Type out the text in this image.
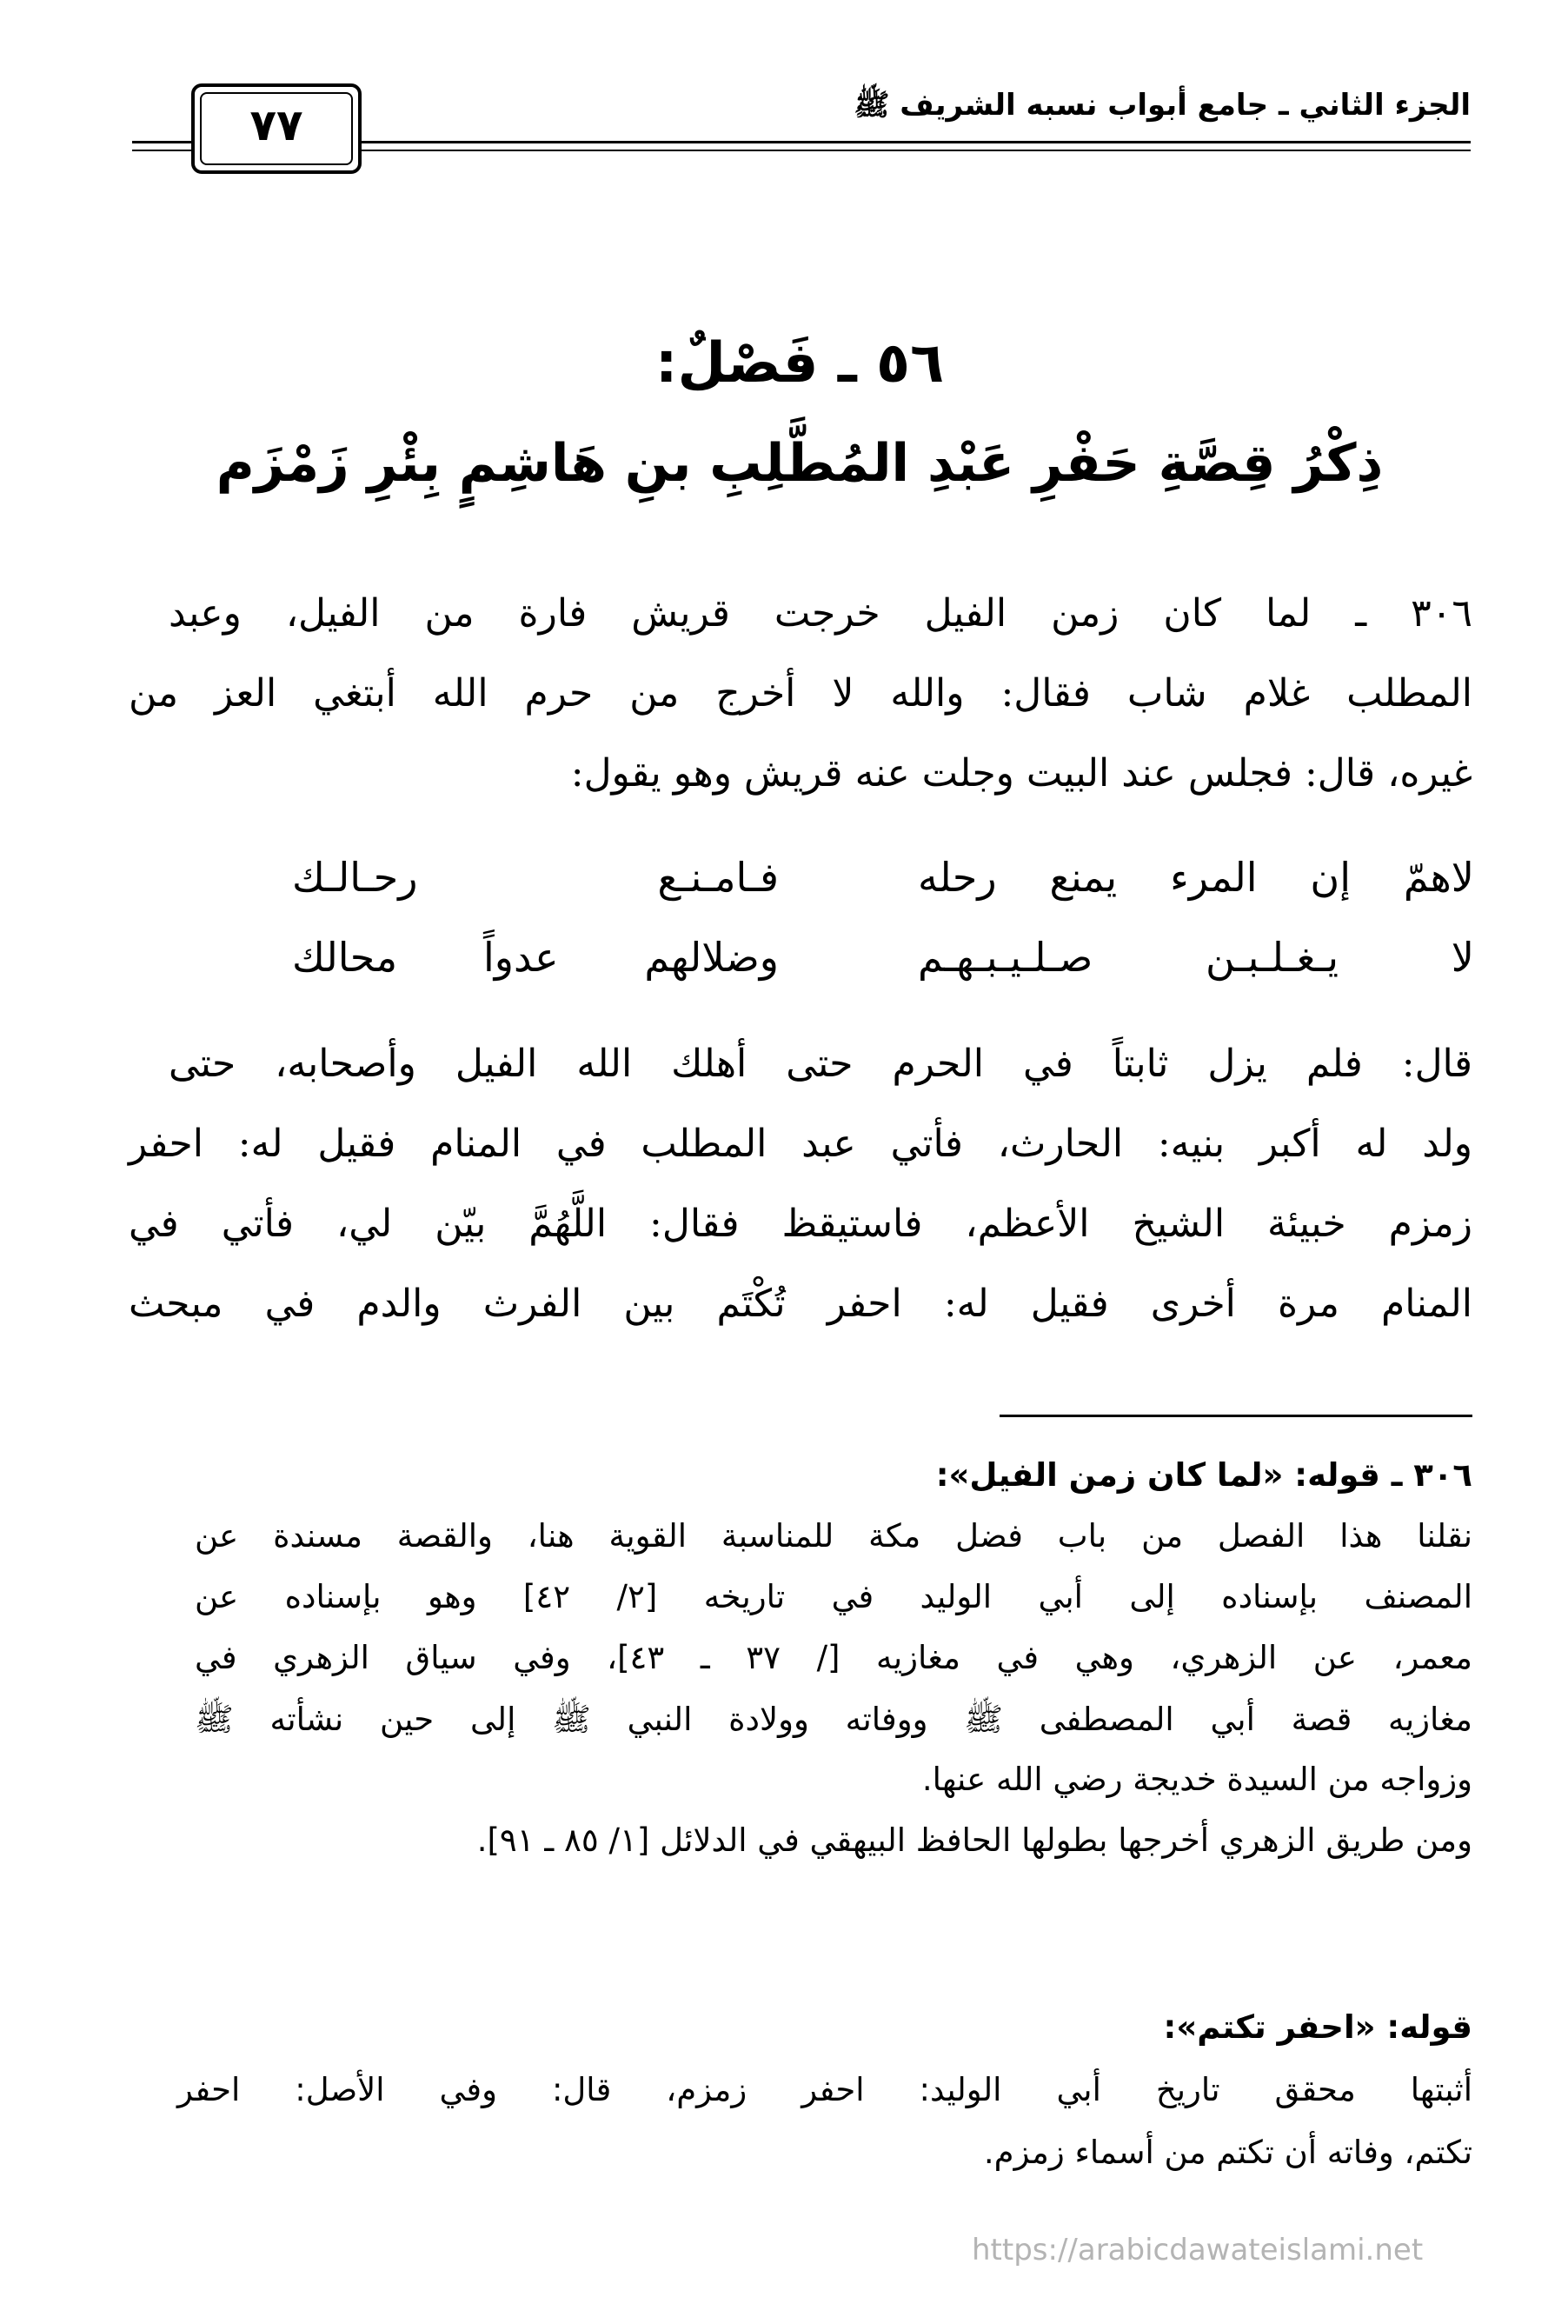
الجزء الثاني ـ جامع أبواب نسبه الشريف ﷺ
٧٧
٥٦ ـ فَصْلٌ:
ذِكْرُ قِصَّةِ حَفْرِ عَبْدِ المُطَّلِبِ بنِ هَاشِمٍ بِئْرِ زَمْزَم
٣٠٦ ـ لما كان زمن الفيل خرجت قريش فارة من الفيل، وعبد
المطلب غلام شاب فقال: والله لا أخرج من حرم الله أبتغي العز من
غيره، قال: فجلس عند البيت وجلت عنه قريش وهو يقول:
لاهمّ إن المرء يمنع رحله
فـامـنـع رحـالـك
لا يـغـلـبـن صـلـيـبـهـم
وضلالهم عدواً محالك
قال: فلم يزل ثابتاً في الحرم حتى أهلك الله الفيل وأصحابه، حتى
ولد له أكبر بنيه: الحارث، فأتي عبد المطلب في المنام فقيل له: احفر
زمزم خبيئة الشيخ الأعظم، فاستيقظ فقال: اللَّهُمَّ بيّن لي، فأتي في
المنام مرة أخرى فقيل له: احفر تُكْتَم بين الفرث والدم في مبحث
٣٠٦ ـ قوله: «لما كان زمن الفيل»:
نقلنا هذا الفصل من باب فضل مكة للمناسبة القوية هنا، والقصة مسندة عن
المصنف بإسناده إلى أبي الوليد في تاريخه [٢/ ٤٢] وهو بإسناده عن
معمر، عن الزهري، وهي في مغازيه [/ ٣٧ ـ ٤٣]، وفي سياق الزهري في
مغازيه قصة أبي المصطفى ﷺ ووفاته وولادة النبي ﷺ إلى حين نشأته ﷺ
وزواجه من السيدة خديجة رضي الله عنها.
ومن طريق الزهري أخرجها بطولها الحافظ البيهقي في الدلائل [١/ ٨٥ ـ ٩١].
قوله: «احفر تكتم»:
أثبتها محقق تاريخ أبي الوليد: احفر زمزم، قال: وفي الأصل: احفر
تكتم، وفاته أن تكتم من أسماء زمزم.
https://arabicdawateislami.net
